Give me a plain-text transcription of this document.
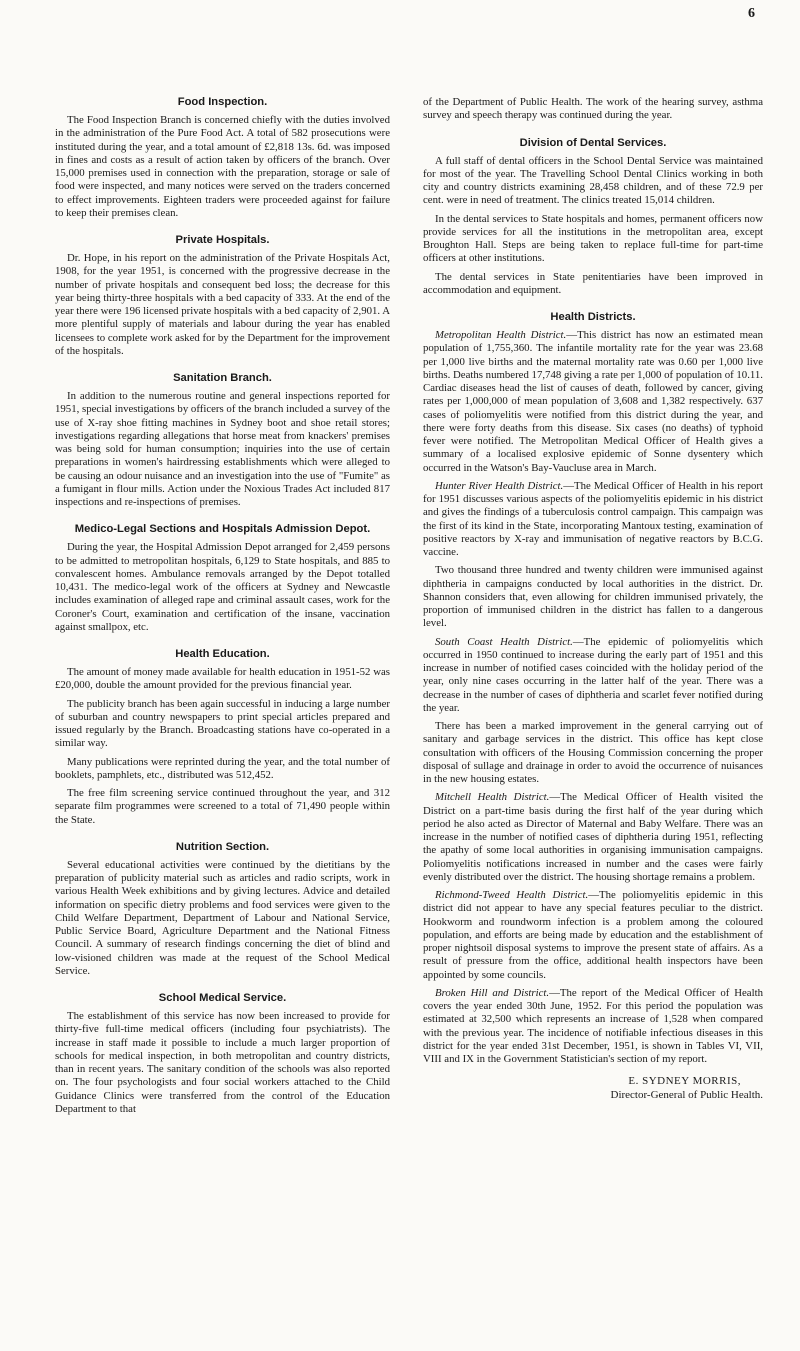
6
Food Inspection.

The Food Inspection Branch is concerned chiefly with the duties involved in the administration of the Pure Food Act. A total of 582 prosecutions were instituted during the year, and a total amount of £2,818 13s. 6d. was imposed in fines and costs as a result of action taken by officers of the branch. Over 15,000 premises used in connection with the preparation, storage or sale of food were inspected, and many notices were served on the traders concerned to effect improvements. Eighteen traders were proceeded against for failure to keep their premises clean.

Private Hospitals.

Dr. Hope, in his report on the administration of the Private Hospitals Act, 1908, for the year 1951, is concerned with the progressive decrease in the number of private hospitals and consequent bed loss; the decrease for this year being thirty-three hospitals with a bed capacity of 333. At the end of the year there were 196 licensed private hospitals with a bed capacity of 2,901. A more plentiful supply of materials and labour during the year has enabled licensees to complete work asked for by the Department for the improvement of the hospitals.

Sanitation Branch.

In addition to the numerous routine and general inspections reported for 1951, special investigations by officers of the branch included a survey of the use of X-ray shoe fitting machines in Sydney boot and shoe retail stores; investigations regarding allegations that horse meat from knackers' premises was being sold for human consumption; inquiries into the use of certain preparations in women's hairdressing establishments which were alleged to be causing an odour nuisance and an investigation into the use of "Fumite" as a fumigant in flour mills. Action under the Noxious Trades Act included 817 inspections and re-inspections of premises.

Medico-Legal Sections and Hospitals Admission Depot.

During the year, the Hospital Admission Depot arranged for 2,459 persons to be admitted to metropolitan hospitals, 6,129 to State hospitals, and 885 to convalescent homes. Ambulance removals arranged by the Depot totalled 10,431. The medico-legal work of the officers at Sydney and Newcastle includes examination of alleged rape and criminal assault cases, work for the Coroner's Court, examination and certification of the insane, vaccination against smallpox, etc.

Health Education.

The amount of money made available for health education in 1951-52 was £20,000, double the amount provided for the previous financial year.

The publicity branch has been again successful in inducing a large number of suburban and country newspapers to print special articles prepared and issued regularly by the Branch. Broadcasting stations have co-operated in a similar way.

Many publications were reprinted during the year, and the total number of booklets, pamphlets, etc., distributed was 512,452.

The free film screening service continued throughout the year, and 312 separate film programmes were screened to a total of 71,490 people within the State.

Nutrition Section.

Several educational activities were continued by the dietitians by the preparation of publicity material such as articles and radio scripts, work in various Health Week exhibitions and by giving lectures. Advice and detailed information on specific dietry problems and food services were given to the Child Welfare Department, Department of Labour and National Service, Public Service Board, Agriculture Department and the National Fitness Council. A summary of research findings concerning the diet of blind and low-visioned children was made at the request of the School Medical Service.

School Medical Service.

The establishment of this service has now been increased to provide for thirty-five full-time medical officers (including four psychiatrists). The increase in staff made it possible to include a much larger proportion of schools for medical inspection, in both metropolitan and country districts, than in recent years. The sanitary condition of the schools was also reported on. The four psychologists and four social workers attached to the Child Guidance Clinics were transferred from the control of the Education Department to that

of the Department of Public Health. The work of the hearing survey, asthma survey and speech therapy was continued during the year.

Division of Dental Services.

A full staff of dental officers in the School Dental Service was maintained for most of the year. The Travelling School Dental Clinics working in both city and country districts examining 28,458 children, and of these 72.9 per cent. were in need of treatment. The clinics treated 15,014 children.

In the dental services to State hospitals and homes, permanent officers now provide services for all the institutions in the metropolitan area, except Broughton Hall. Steps are being taken to replace full-time for part-time officers at other institutions.

The dental services in State penitentiaries have been improved in accommodation and equipment.

Health Districts.

Metropolitan Health District.—This district has now an estimated mean population of 1,755,360. The infantile mortality rate for the year was 23.68 per 1,000 live births and the maternal mortality rate was 0.60 per 1,000 live births. Deaths numbered 17,748 giving a rate per 1,000 of population of 10.11. Cardiac diseases head the list of causes of death, followed by cancer, giving rates per 1,000,000 of mean population of 3,608 and 1,382 respectively. 637 cases of poliomyelitis were notified from this district during the year, and there were forty deaths from this disease. Six cases (no deaths) of typhoid fever were notified. The Metropolitan Medical Officer of Health gives a summary of a localised explosive epidemic of Sonne dysentery which occurred in the Watson's Bay-Vaucluse area in March.

Hunter River Health District.—The Medical Officer of Health in his report for 1951 discusses various aspects of the poliomyelitis epidemic in his district and gives the findings of a tuberculosis control campaign. This campaign was the first of its kind in the State, incorporating Mantoux testing, examination of positive reactors by X-ray and immunisation of negative reactors by B.C.G. vaccine.

Two thousand three hundred and twenty children were immunised against diphtheria in campaigns conducted by local authorities in the district. Dr. Shannon considers that, even allowing for children immunised privately, the proportion of immunised children in the district has fallen to a dangerous level.

South Coast Health District.—The epidemic of poliomyelitis which occurred in 1950 continued to increase during the early part of 1951 and this increase in number of notified cases coincided with the holiday period of the year, only nine cases occurring in the latter half of the year. There was a decrease in the number of cases of diphtheria and scarlet fever notified during the year.

There has been a marked improvement in the general carrying out of sanitary and garbage services in the district. This office has kept close consultation with officers of the Housing Commission concerning the proper disposal of sullage and drainage in order to avoid the occurrence of nuisances in the new housing estates.

Mitchell Health District.—The Medical Officer of Health visited the District on a part-time basis during the first half of the year during which period he also acted as Director of Maternal and Baby Welfare. There was an increase in the number of notified cases of diphtheria during 1951, reflecting the apathy of some local authorities in organising immunisation campaigns. Poliomyelitis notifications increased in number and the cases were fairly evenly distributed over the district. The housing shortage remains a problem.

Richmond-Tweed Health District.—The poliomyelitis epidemic in this district did not appear to have any special features peculiar to the district. Hookworm and roundworm infection is a problem among the coloured population, and efforts are being made by education and the establishment of proper nightsoil disposal systems to improve the present state of affairs. As a result of pressure from the office, additional health inspectors have been appointed by some councils.

Broken Hill and District.—The report of the Medical Officer of Health covers the year ended 30th June, 1952. For this period the population was estimated at 32,500 which represents an increase of 1,528 when compared with the previous year. The incidence of notifiable infectious diseases in this district for the year ended 31st December, 1951, is shown in Tables VI, VII, VIII and IX in the Government Statistician's section of my report.

E. SYDNEY MORRIS,
Director-General of Public Health.
